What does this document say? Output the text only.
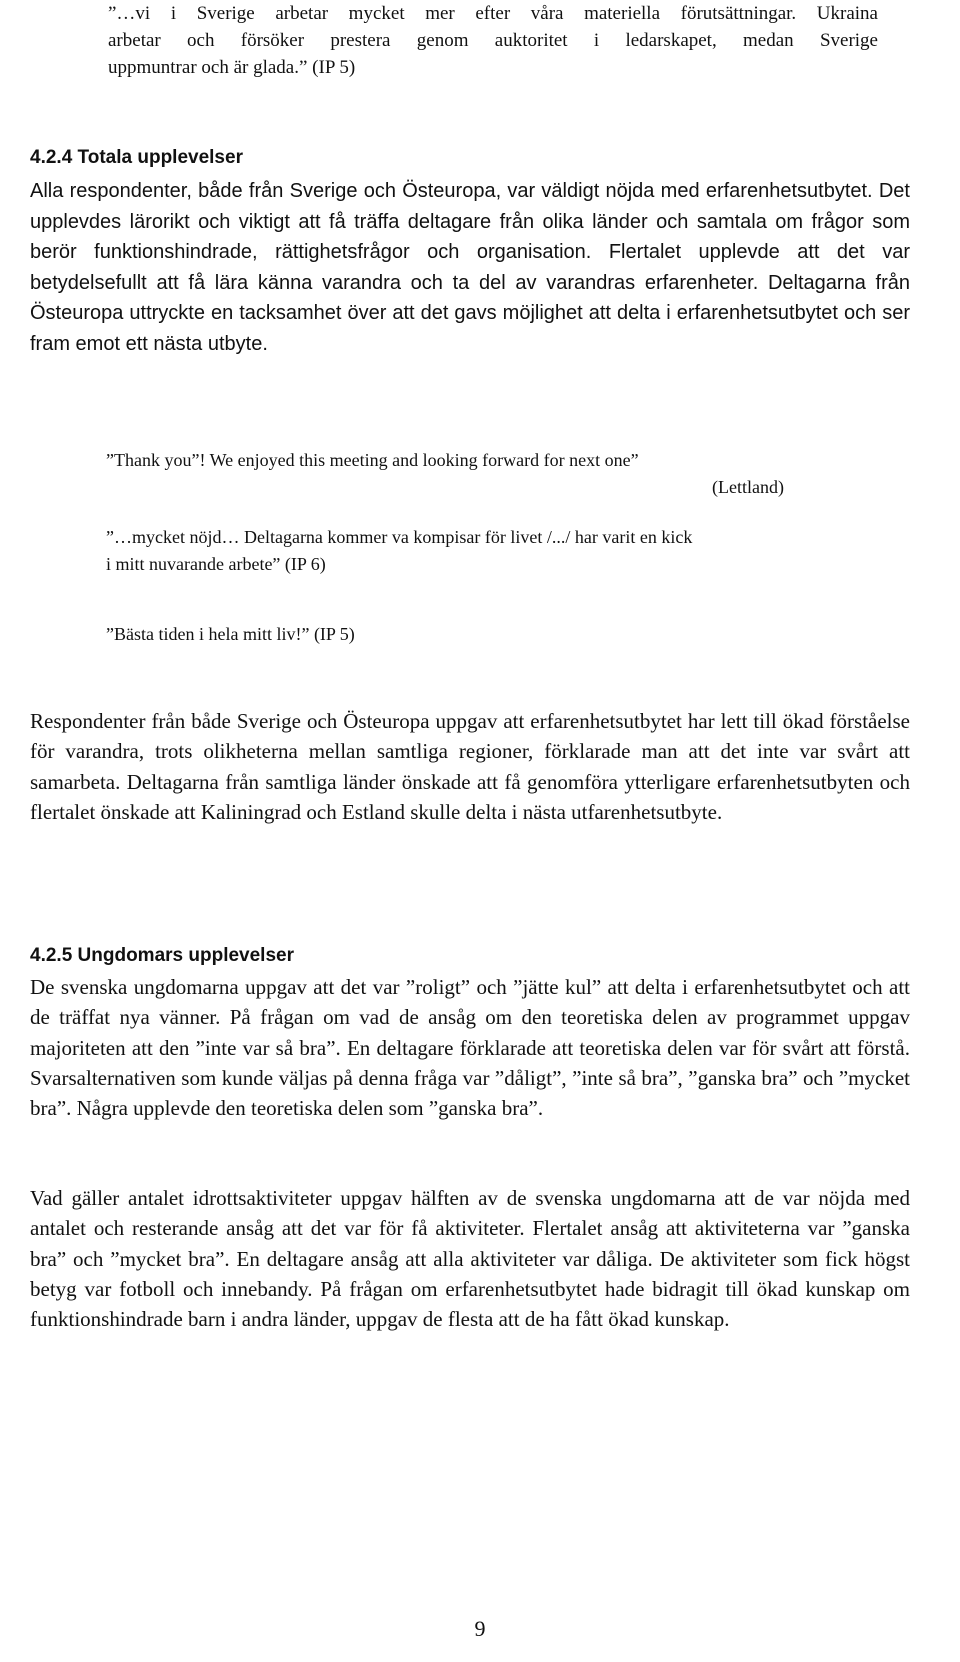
”…vi i Sverige arbetar mycket mer efter våra materiella förutsättningar. Ukraina
arbetar och försöker prestera genom auktoritet i ledarskapet, medan Sverige
uppmuntrar och är glada.” (IP 5)
4.2.4 Totala upplevelser
Alla respondenter, både från Sverige och Östeuropa, var väldigt nöjda med erfarenhetsutbytet. Det upplevdes lärorikt och viktigt att få träffa deltagare från olika länder och samtala om frågor som berör funktionshindrade, rättighetsfrågor och organisation. Flertalet upplevde att det var betydelsefullt att få lära känna varandra och ta del av varandras erfarenheter. Deltagarna från Östeuropa uttryckte en tacksamhet över att det gavs möjlighet att delta i erfarenhetsutbytet och ser fram emot ett nästa utbyte.
”Thank you”! We enjoyed this meeting and looking forward for next one”
(Lettland)
”…mycket nöjd… Deltagarna kommer va kompisar för livet /.../ har varit en kick
i mitt nuvarande arbete” (IP 6)
”Bästa tiden i hela mitt liv!” (IP 5)
Respondenter från både Sverige och Östeuropa uppgav att erfarenhetsutbytet har lett till ökad förståelse för varandra, trots olikheterna mellan samtliga regioner, förklarade man att det inte var svårt att samarbeta. Deltagarna från samtliga länder önskade att få genomföra ytterligare erfarenhetsutbyten och flertalet önskade att Kaliningrad och Estland skulle delta i nästa utfarenhetsutbyte.
4.2.5 Ungdomars upplevelser
De svenska ungdomarna uppgav att det var ”roligt” och ”jätte kul” att delta i erfarenhetsutbytet och att de träffat nya vänner. På frågan om vad de ansåg om den teoretiska delen av programmet uppgav majoriteten att den ”inte var så bra”. En deltagare förklarade att teoretiska delen var för svårt att förstå. Svarsalternativen som kunde väljas på denna fråga var ”dåligt”, ”inte så bra”, ”ganska bra” och ”mycket bra”. Några upplevde den teoretiska delen som ”ganska bra”.
Vad gäller antalet idrottsaktiviteter uppgav hälften av de svenska ungdomarna att de var nöjda med antalet och resterande ansåg att det var för få aktiviteter. Flertalet ansåg att aktiviteterna var ”ganska bra” och ”mycket bra”. En deltagare ansåg att alla aktiviteter var dåliga. De aktiviteter som fick högst betyg var fotboll och innebandy. På frågan om erfarenhetsutbytet hade bidragit till ökad kunskap om funktionshindrade barn i andra länder, uppgav de flesta att de ha fått ökad kunskap.
9
